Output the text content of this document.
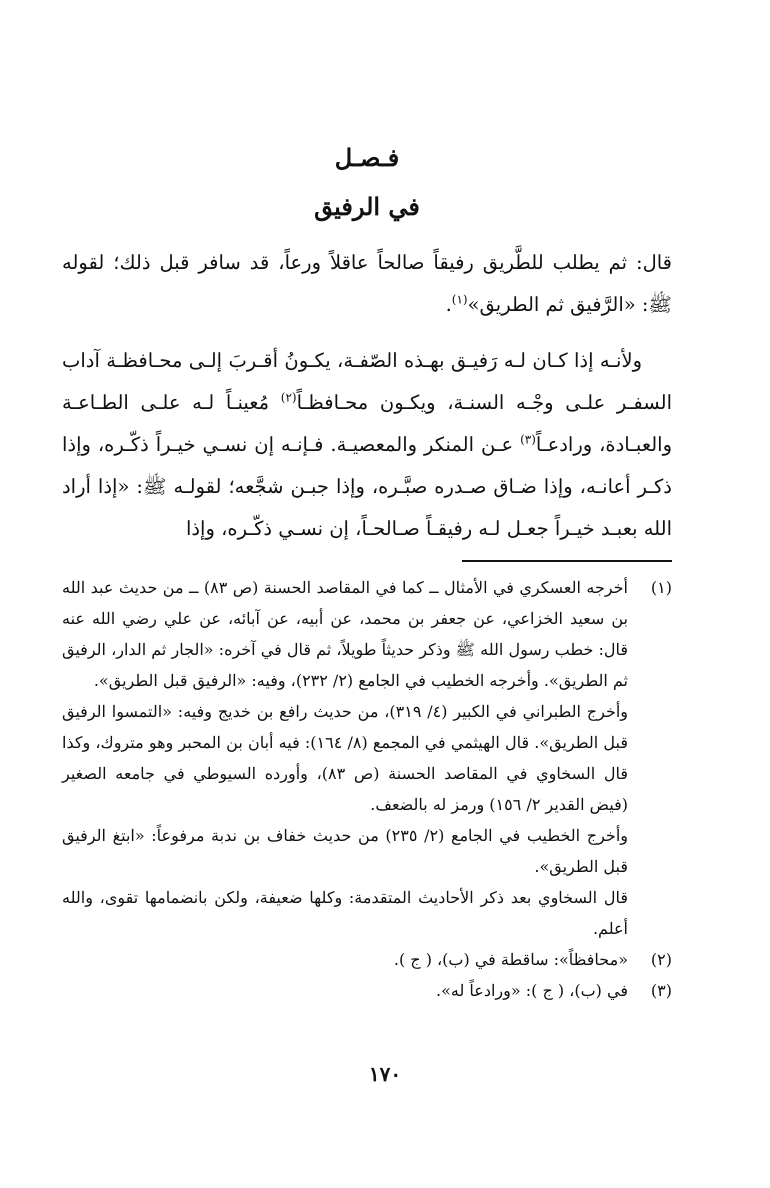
فـصـل
في الرفيق

قال: ثم يطلب للطَّريق رفيقاً صالحاً عاقلاً ورعاً، قد سافر قبل ذلك؛ لقوله ﷺ: «الرَّفيق ثم الطريق»$^{(١)}$.

ولأنـه إذا كـان لـه رَفيـق بهـذه الصّفـة، يكـونُ أقـربَ إلـى محـافظـة آداب السفـر علـى وجْـه السنـة، ويكـون محـافظـاً$^{(٢)}$ مُعينـاً لـه علـى الطـاعـة والعبـادة، ورادعـاً$^{(٣)}$ عـن المنكر والمعصيـة. فـإنـه إن نسـي خيـراً ذكّـره، وإذا ذكـر أعانـه، وإذا ضـاق صـدره صبَّـره، وإذا جبـن شجَّعه؛ لقولـه ﷺ: «إذا أراد الله بعبـد خيـراً جعـل لـه رفيقـاً صـالحـاً، إن نسـي ذكّـره، وإذا

(١)

أخرجه العسكري في الأمثال ــ كما في المقاصد الحسنة (ص ٨٣) ــ من حديث عبد الله بن سعيد الخزاعي، عن جعفر بن محمد، عن أبيه، عن آبائه، عن علي رضي الله عنه قال: خطب رسول الله ﷺ وذكر حديثاً طويلاً، ثم قال في آخره: «الجار ثم الدار، الرفيق ثم الطريق». وأخرجه الخطيب في الجامع (٢/ ٢٣٢)، وفيه: «الرفيق قبل الطريق».

وأخرج الطبراني في الكبير (٤/ ٣١٩)، من حديث رافع بن خديج وفيه: «التمسوا الرفيق قبل الطريق». قال الهيثمي في المجمع (٨/ ١٦٤): فيه أبان بن المحبر وهو متروك، وكذا قال السخاوي في المقاصد الحسنة (ص ٨٣)، وأورده السيوطي في جامعه الصغير (فيض القدير ٢/ ١٥٦) ورمز له بالضعف.

وأخرج الخطيب في الجامع (٢/ ٢٣٥) من حديث خفاف بن ندبة مرفوعاً: «ابتغ الرفيق قبل الطريق».

قال السخاوي بعد ذكر الأحاديث المتقدمة: وكلها ضعيفة، ولكن بانضمامها تقوى، والله أعلم.

(٢)

«محافظاً»: ساقطة في (ب)، ( ج ).

(٣)

في (ب)، ( ج ): «ورادعاً له».

١٧٠
